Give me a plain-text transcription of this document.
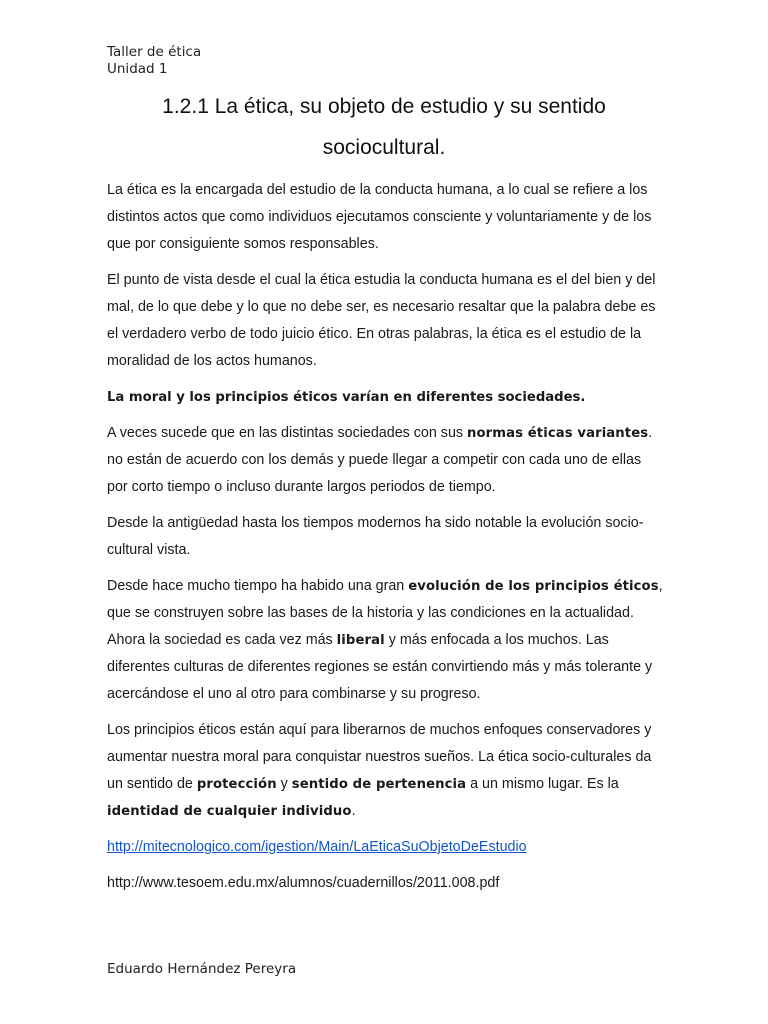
Taller de ética
Unidad 1
1.2.1 La ética, su objeto de estudio y su sentido
sociocultural.

La ética es la encargada del estudio de la conducta humana, a lo cual se refiere a los distintos actos que como individuos ejecutamos consciente y voluntariamente y de los que por consiguiente somos responsables.

El punto de vista desde el cual la ética estudia la conducta humana es el del bien y del mal, de lo que debe y lo que no debe ser, es necesario resaltar que la palabra debe es el verdadero verbo de todo juicio ético. En otras palabras, la ética es el estudio de la moralidad de los actos humanos.

La moral y los principios éticos varían en diferentes sociedades.

A veces sucede que en las distintas sociedades con sus normas éticas variantes. no están de acuerdo con los demás y puede llegar a competir con cada uno de ellas por corto tiempo o incluso durante largos periodos de tiempo.

Desde la antigüedad hasta los tiempos modernos ha sido notable la evolución socio-cultural vista.

Desde hace mucho tiempo ha habido una gran evolución de los principios éticos, que se construyen sobre las bases de la historia y las condiciones en la actualidad. Ahora la sociedad es cada vez más liberal y más enfocada a los muchos. Las diferentes culturas de diferentes regiones se están convirtiendo más y más tolerante y acercándose el uno al otro para combinarse y su progreso.

Los principios éticos están aquí para liberarnos de muchos enfoques conservadores y aumentar nuestra moral para conquistar nuestros sueños. La ética socio-culturales da un sentido de protección y sentido de pertenencia a un mismo lugar. Es la identidad de cualquier individuo.

http://mitecnologico.com/igestion/Main/LaEticaSuObjetoDeEstudio

http://www.tesoem.edu.mx/alumnos/cuadernillos/2011.008.pdf

Eduardo Hernández Pereyra
